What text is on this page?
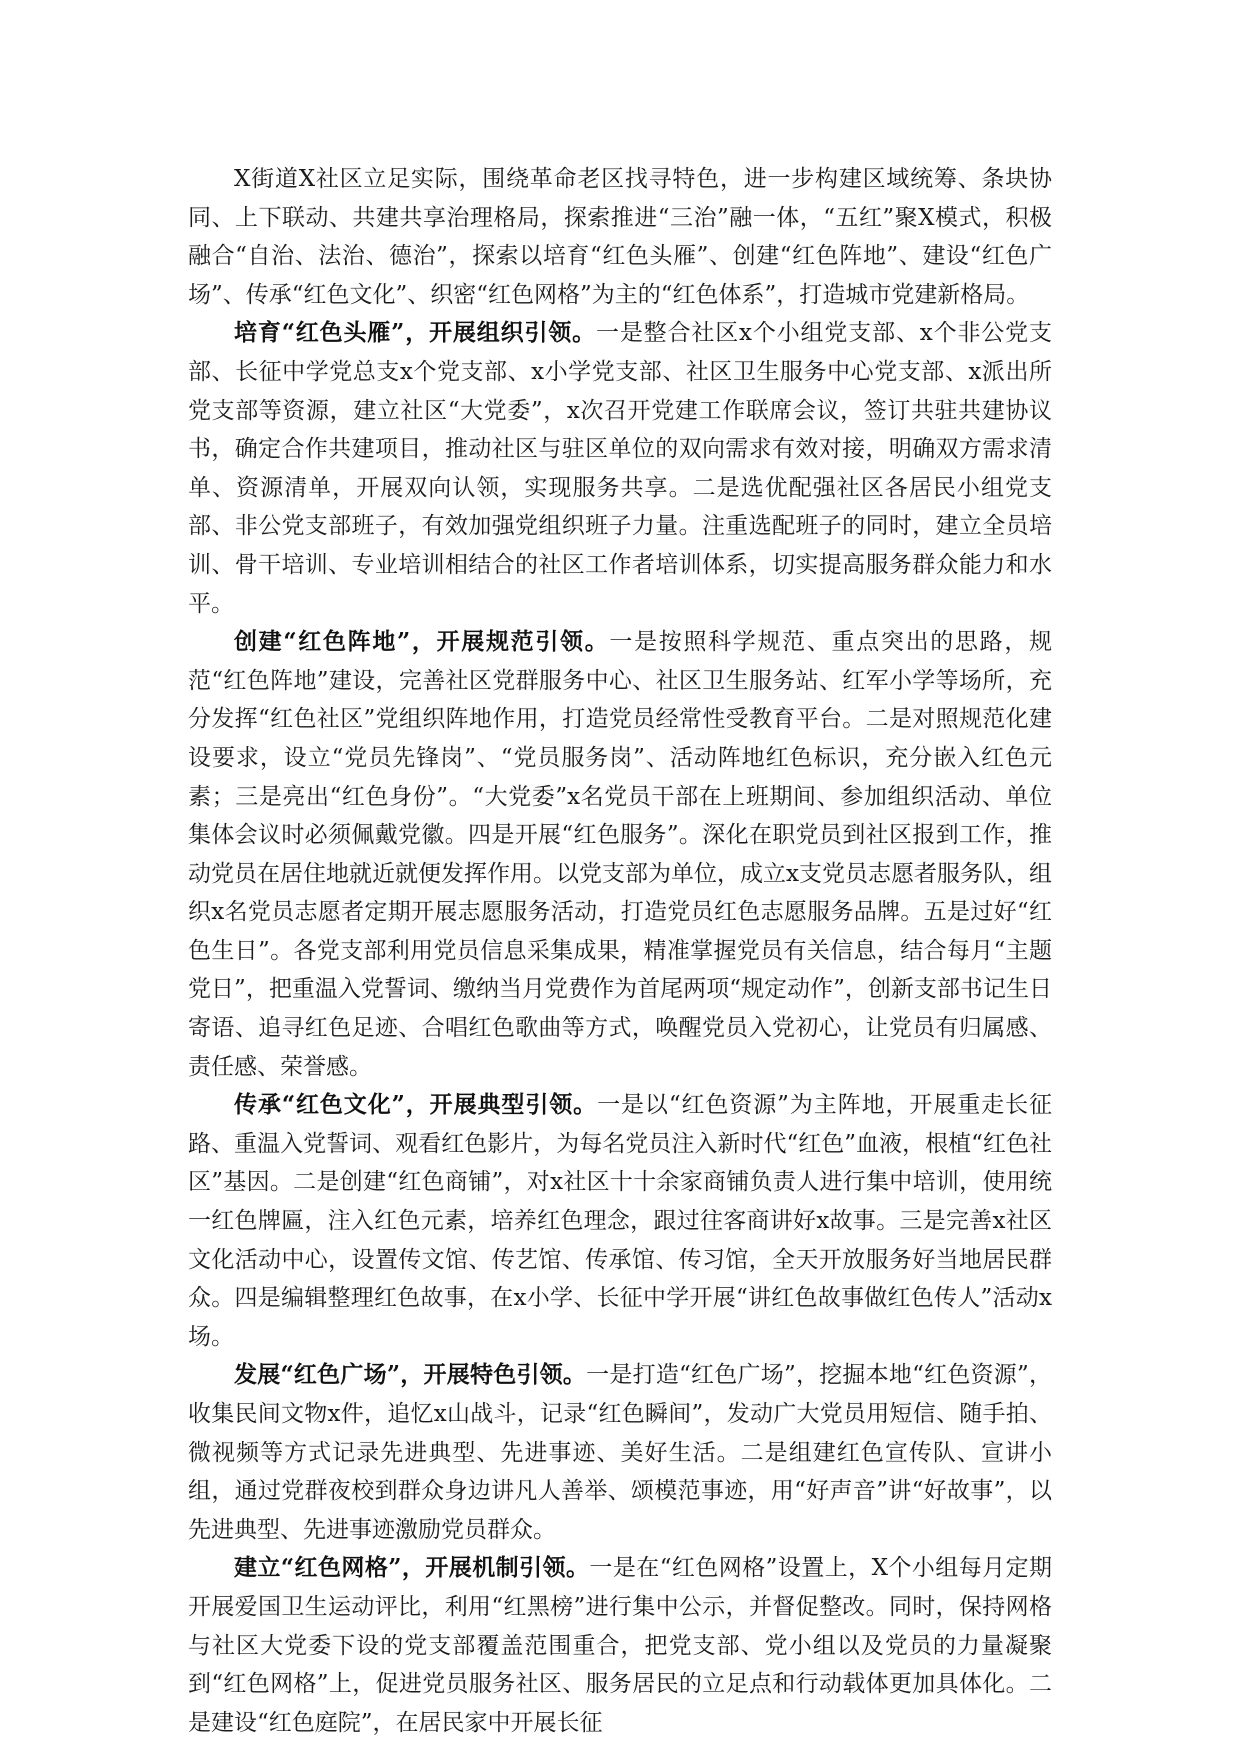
X街道X社区立足实际，围绕革命老区找寻特色，进一步构建区域统筹、条块协同、上下联动、共建共享治理格局，探索推进“三治”融一体，“五红”聚X模式，积极融合“自治、法治、德治”，探索以培育“红色头雁”、创建“红色阵地”、建设“红色广场”、传承“红色文化”、织密“红色网格”为主的“红色体系”，打造城市党建新格局。

培育“红色头雁”，开展组织引领。一是整合社区x个小组党支部、x个非公党支部、长征中学党总支x个党支部、x小学党支部、社区卫生服务中心党支部、x派出所党支部等资源，建立社区“大党委”，x次召开党建工作联席会议，签订共驻共建协议书，确定合作共建项目，推动社区与驻区单位的双向需求有效对接，明确双方需求清单、资源清单，开展双向认领，实现服务共享。二是选优配强社区各居民小组党支部、非公党支部班子，有效加强党组织班子力量。注重选配班子的同时，建立全员培训、骨干培训、专业培训相结合的社区工作者培训体系，切实提高服务群众能力和水平。

创建“红色阵地”，开展规范引领。一是按照科学规范、重点突出的思路，规范“红色阵地”建设，完善社区党群服务中心、社区卫生服务站、红军小学等场所，充分发挥“红色社区”党组织阵地作用，打造党员经常性受教育平台。二是对照规范化建设要求，设立“党员先锋岗”、“党员服务岗”、活动阵地红色标识，充分嵌入红色元素；三是亮出“红色身份”。“大党委”x名党员干部在上班期间、参加组织活动、单位集体会议时必须佩戴党徽。四是开展“红色服务”。深化在职党员到社区报到工作，推动党员在居住地就近就便发挥作用。以党支部为单位，成立x支党员志愿者服务队，组织x名党员志愿者定期开展志愿服务活动，打造党员红色志愿服务品牌。五是过好“红色生日”。各党支部利用党员信息采集成果，精准掌握党员有关信息，结合每月“主题党日”，把重温入党誓词、缴纳当月党费作为首尾两项“规定动作”，创新支部书记生日寄语、追寻红色足迹、合唱红色歌曲等方式，唤醒党员入党初心，让党员有归属感、责任感、荣誉感。

传承“红色文化”，开展典型引领。一是以“红色资源”为主阵地，开展重走长征路、重温入党誓词、观看红色影片，为每名党员注入新时代“红色”血液，根植“红色社区”基因。二是创建“红色商铺”，对x社区十十余家商铺负责人进行集中培训，使用统一红色牌匾，注入红色元素，培养红色理念，跟过往客商讲好x故事。三是完善x社区文化活动中心，设置传文馆、传艺馆、传承馆、传习馆，全天开放服务好当地居民群众。四是编辑整理红色故事，在x小学、长征中学开展“讲红色故事做红色传人”活动x场。

发展“红色广场”，开展特色引领。一是打造“红色广场”，挖掘本地“红色资源”，收集民间文物x件，追忆x山战斗，记录“红色瞬间”，发动广大党员用短信、随手拍、微视频等方式记录先进典型、先进事迹、美好生活。二是组建红色宣传队、宣讲小组，通过党群夜校到群众身边讲凡人善举、颂模范事迹，用“好声音”讲“好故事”，以先进典型、先进事迹激励党员群众。

建立“红色网格”，开展机制引领。一是在“红色网格”设置上，X个小组每月定期开展爱国卫生运动评比，利用“红黑榜”进行集中公示，并督促整改。同时，保持网格与社区大党委下设的党支部覆盖范围重合，把党支部、党小组以及党员的力量凝聚到“红色网格”上，促进党员服务社区、服务居民的立足点和行动载体更加具体化。二是建设“红色庭院”，在居民家中开展长征
